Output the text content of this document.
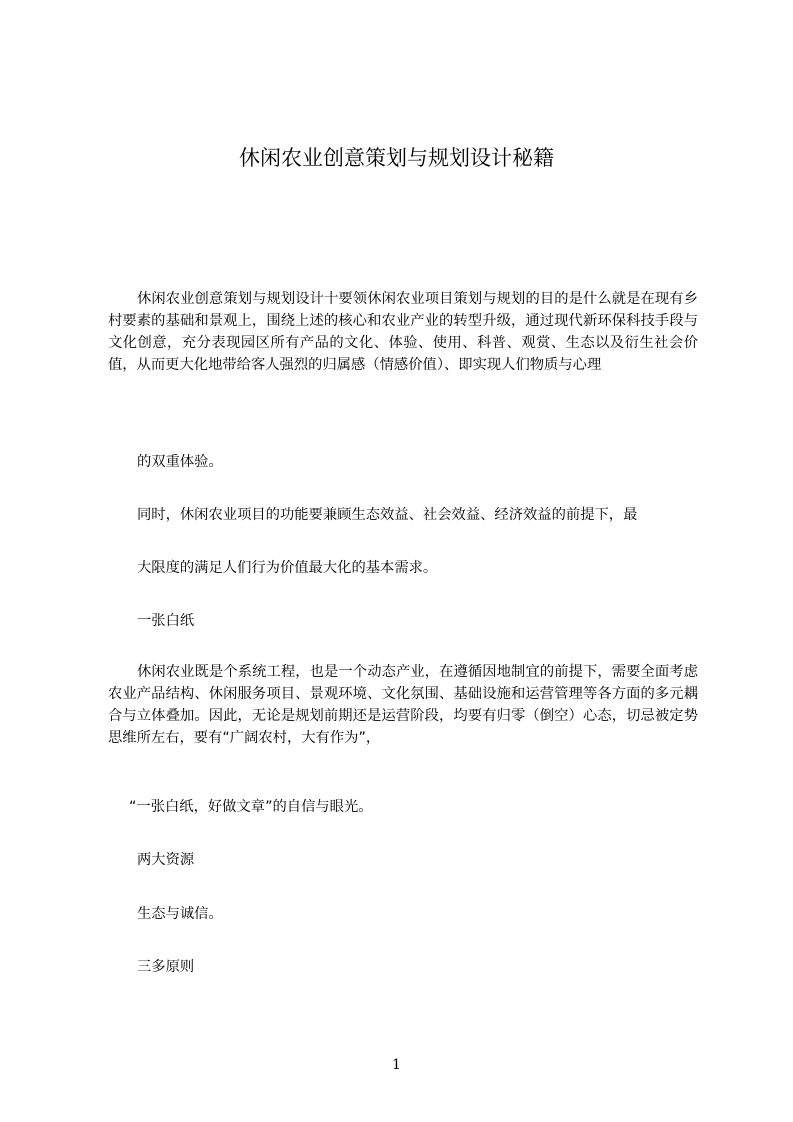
休闲农业创意策划与规划设计秘籍

休闲农业创意策划与规划设计十要领休闲农业项目策划与规划的目的是什么就是在现有乡村要素的基础和景观上，围绕上述的核心和农业产业的转型升级，通过现代新环保科技手段与文化创意，充分表现园区所有产品的文化、体验、使用、科普、观赏、生态以及衍生社会价值，从而更大化地带给客人强烈的归属感（情感价值）、即实现人们物质与心理

的双重体验。

同时，休闲农业项目的功能要兼顾生态效益、社会效益、经济效益的前提下，最

大限度的满足人们行为价值最大化的基本需求。

一张白纸

休闲农业既是个系统工程，也是一个动态产业，在遵循因地制宜的前提下，需要全面考虑农业产品结构、休闲服务项目、景观环境、文化氛围、基础设施和运营管理等各方面的多元耦合与立体叠加。因此，无论是规划前期还是运营阶段，均要有归零（倒空）心态，切忌被定势思维所左右，要有“广阔农村，大有作为”，

“一张白纸，好做文章”的自信与眼光。

两大资源

生态与诚信。

三多原则

1
